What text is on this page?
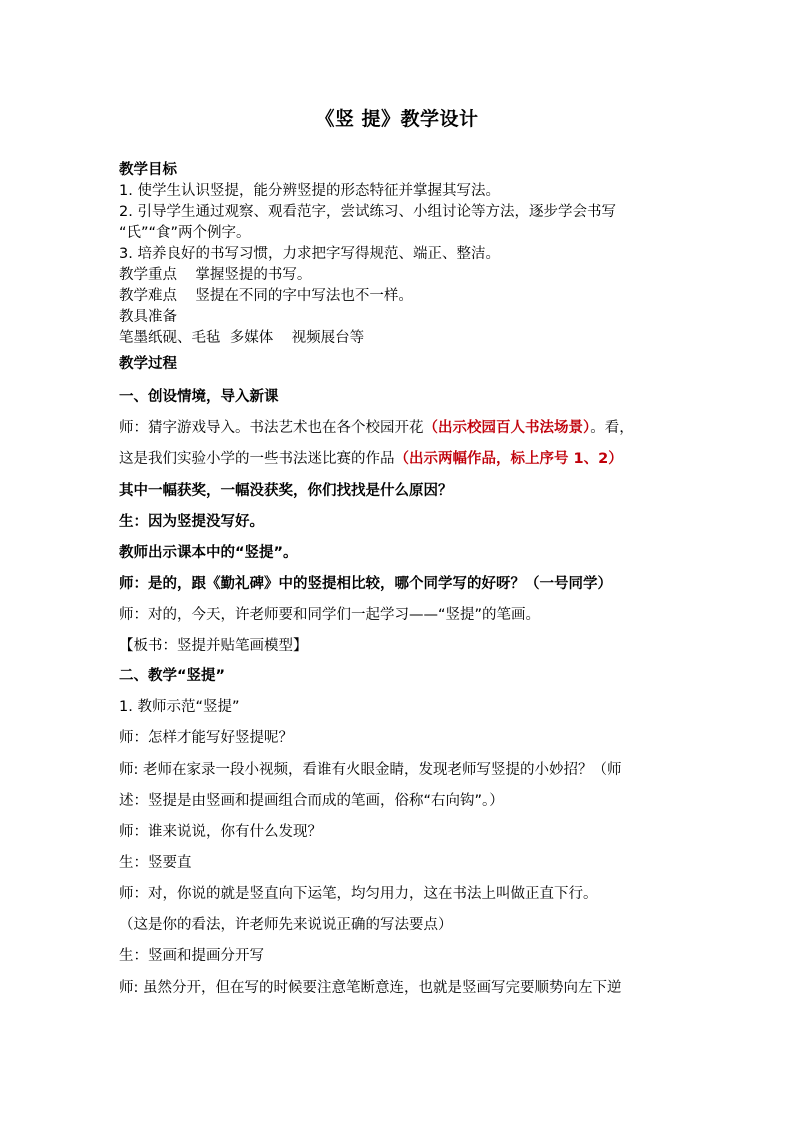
《竖 提》教学设计
教学目标
1. 使学生认识竖提，能分辨竖提的形态特征并掌握其写法。
2. 引导学生通过观察、观看范字，尝试练习、小组讨论等方法，逐步学会书写
“氏”“食”两个例字。
3. 培养良好的书写习惯，力求把字写得规范、端正、整洁。
教学重点    掌握竖提的书写。
教学难点    竖提在不同的字中写法也不一样。
教具准备
笔墨纸砚、毛毡  多媒体    视频展台等
教学过程
一、创设情境，导入新课
师：猜字游戏导入。书法艺术也在各个校园开花（出示校园百人书法场景）。看，
这是我们实验小学的一些书法迷比赛的作品（出示两幅作品，标上序号 1、2）
其中一幅获奖，一幅没获奖，你们找找是什么原因？
生：因为竖提没写好。
教师出示课本中的“竖提”。
师：是的，跟《勤礼碑》中的竖提相比较，哪个同学写的好呀？（一号同学）
师：对的，今天，许老师要和同学们一起学习——“竖提”的笔画。
【板书：竖提并贴笔画模型】
二、教学“竖提”
1. 教师示范“竖提”
师：怎样才能写好竖提呢？
师: 老师在家录一段小视频，看谁有火眼金睛，发现老师写竖提的小妙招？（师
述：竖提是由竖画和提画组合而成的笔画，俗称“右向钩”。）
师：谁来说说，你有什么发现？
生：竖要直
师：对，你说的就是竖直向下运笔，均匀用力，这在书法上叫做正直下行。
（这是你的看法，许老师先来说说正确的写法要点）
生：竖画和提画分开写
师: 虽然分开，但在写的时候要注意笔断意连，也就是竖画写完要顺势向左下逆
